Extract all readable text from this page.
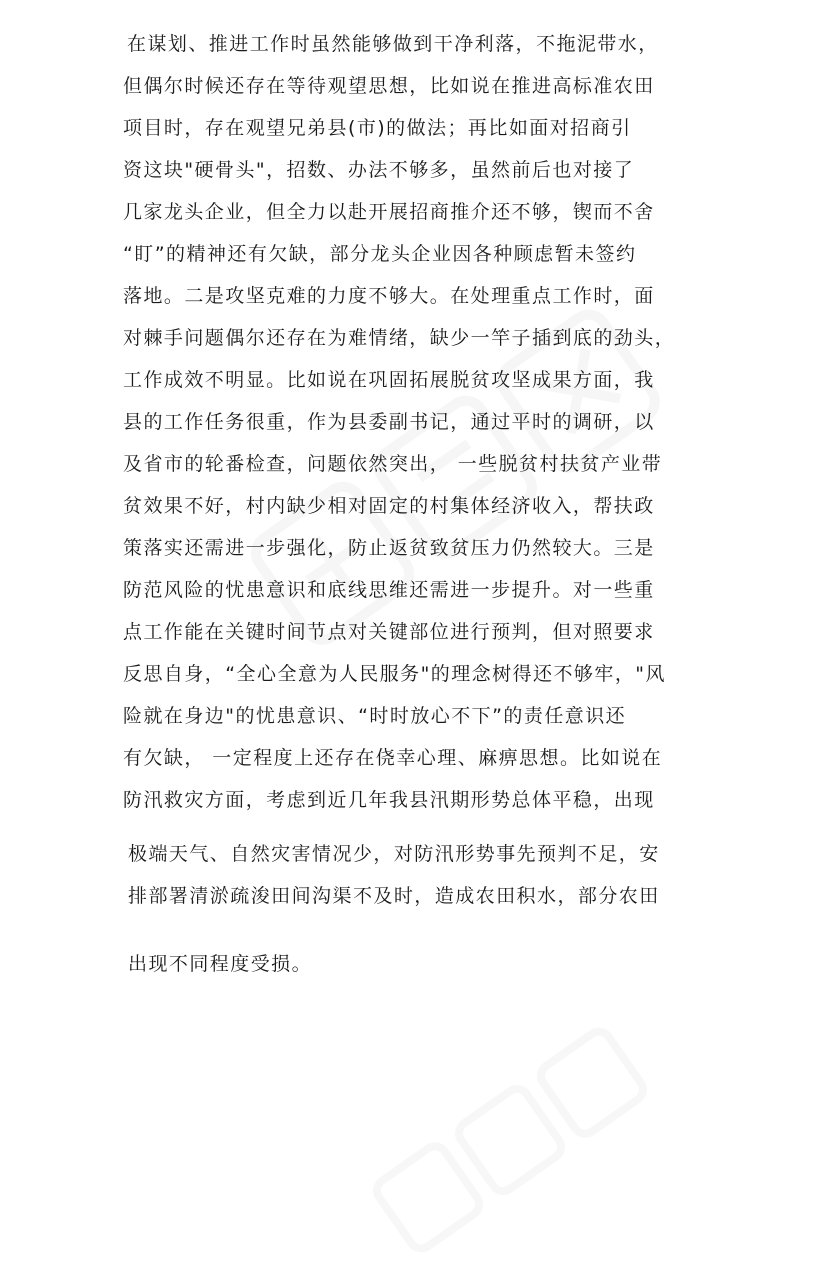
在谋划、推进工作时虽然能够做到干净利落，不拖泥带水，
但偶尔时候还存在等待观望思想，比如说在推进高标准农田
项目时，存在观望兄弟县(市)的做法；再比如面对招商引
资这块"硬骨头"，招数、办法不够多，虽然前后也对接了
几家龙头企业，但全力以赴开展招商推介还不够，锲而不舍
“盯”的精神还有欠缺，部分龙头企业因各种顾虑暂未签约
落地。二是攻坚克难的力度不够大。在处理重点工作时，面
对棘手问题偶尔还存在为难情绪，缺少一竿子插到底的劲头，
工作成效不明显。比如说在巩固拓展脱贫攻坚成果方面，我
县的工作任务很重，作为县委副书记，通过平时的调研，以
及省市的轮番检查，问题依然突出， 一些脱贫村扶贫产业带
贫效果不好，村内缺少相对固定的村集体经济收入，帮扶政
策落实还需进一步强化，防止返贫致贫压力仍然较大。三是
防范风险的忧患意识和底线思维还需进一步提升。对一些重
点工作能在关键时间节点对关键部位进行预判，但对照要求
反思自身，“全心全意为人民服务"的理念树得还不够牢，"风
险就在身边"的忧患意识、“时时放心不下”的责任意识还
有欠缺， 一定程度上还存在侥幸心理、麻痹思想。比如说在
防汛救灾方面，考虑到近几年我县汛期形势总体平稳，出现
极端天气、自然灾害情况少，对防汛形势事先预判不足，安
排部署清淤疏浚田间沟渠不及时，造成农田积水，部分农田
出现不同程度受损。
